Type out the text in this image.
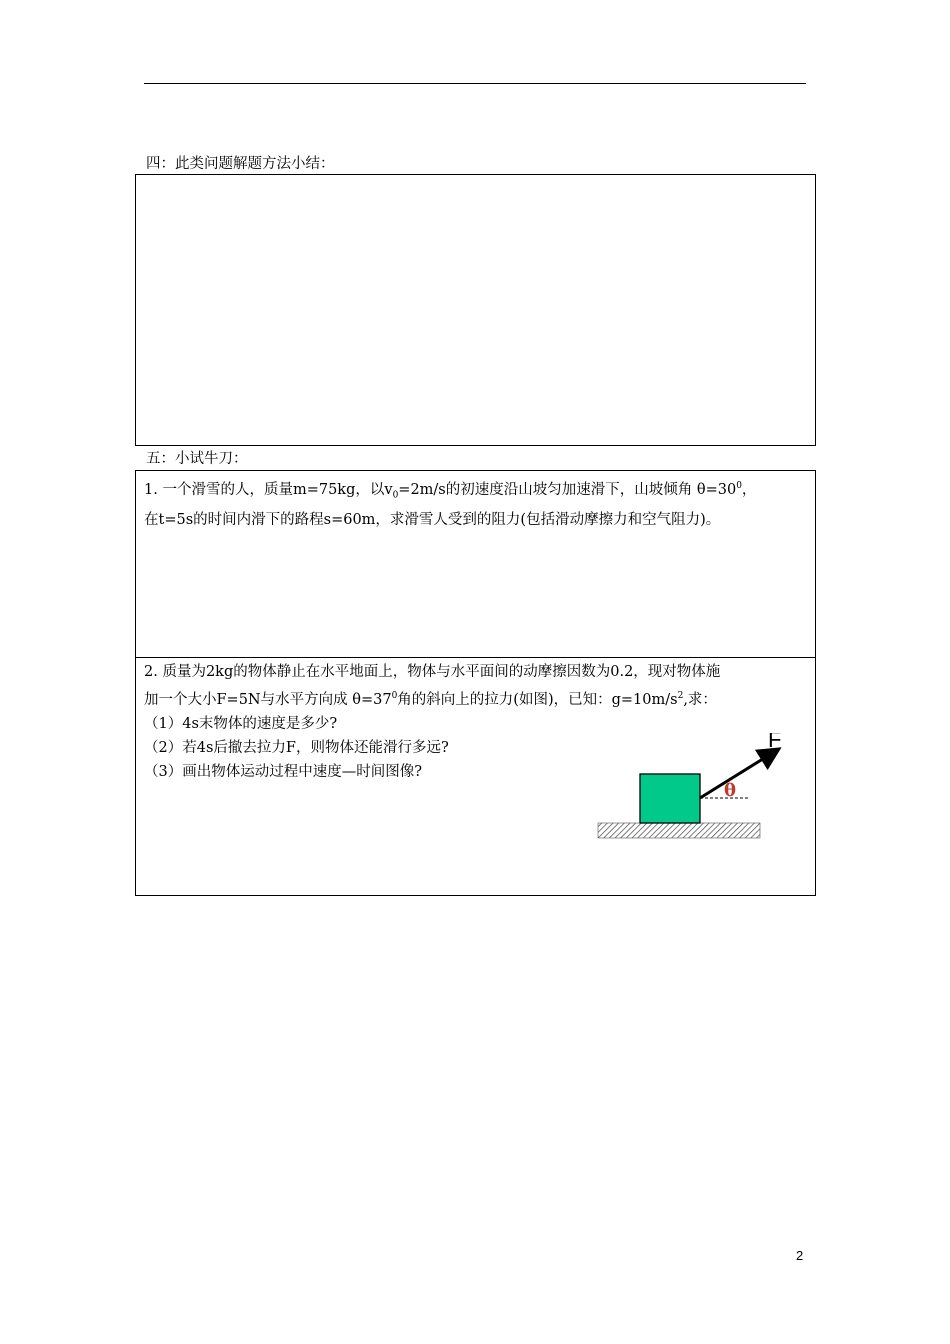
四：此类问题解题方法小结：
五：小试牛刀：
1. 一个滑雪的人，质量m=75kg，以$v_0=2m/s$的初速度沿山坡匀加速滑下，山坡倾角 $\theta=30^0$，
在t=5s的时间内滑下的路程s=60m，求滑雪人受到的阻力(包括滑动摩擦力和空气阻力)。
2. 质量为2kg的物体静止在水平地面上，物体与水平面间的动摩擦因数为0.2，现对物体施
加一个大小F=5N与水平方向成 $\theta=37^0$角的斜向上的拉力(如图)，已知：$g=10m/s^2$,求：
（1）4s末物体的速度是多少?
（2）若4s后撤去拉力F，则物体还能滑行多远?
（3）画出物体运动过程中速度—时间图像?
F
θ
2
